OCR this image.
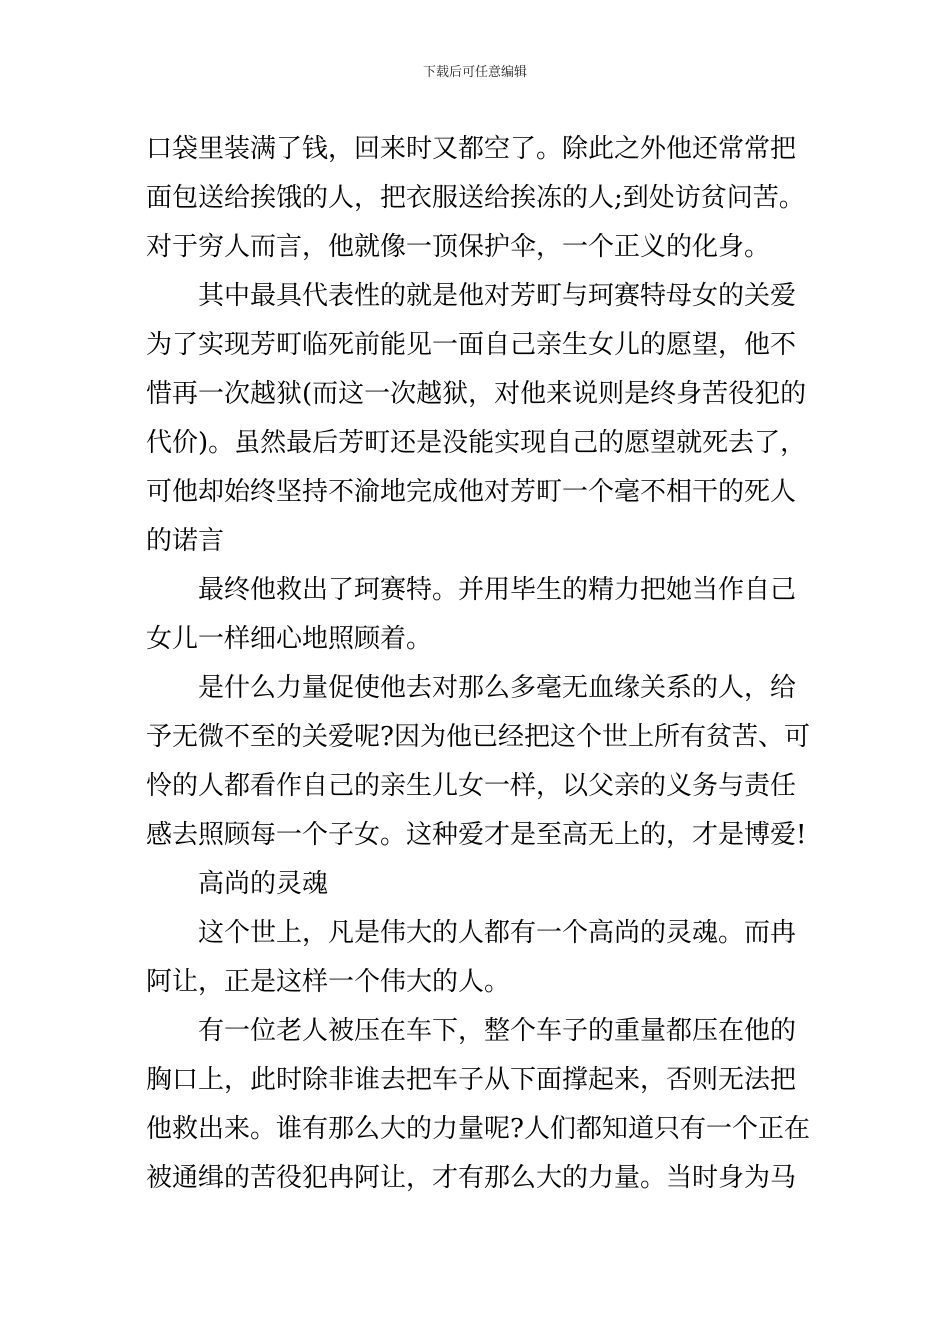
下载后可任意编辑
口袋里装满了钱，回来时又都空了。除此之外他还常常把
面包送给挨饿的人，把衣服送给挨冻的人;到处访贫问苦。
对于穷人而言，他就像一顶保护伞，一个正义的化身。
其中最具代表性的就是他对芳町与珂赛特母女的关爱
为了实现芳町临死前能见一面自己亲生女儿的愿望，他不
惜再一次越狱(而这一次越狱，对他来说则是终身苦役犯的
代价)。虽然最后芳町还是没能实现自己的愿望就死去了，
可他却始终坚持不渝地完成他对芳町一个毫不相干的死人
的诺言
最终他救出了珂赛特。并用毕生的精力把她当作自己
女儿一样细心地照顾着。
是什么力量促使他去对那么多毫无血缘关系的人，给
予无微不至的关爱呢?因为他已经把这个世上所有贫苦、可
怜的人都看作自己的亲生儿女一样，以父亲的义务与责任
感去照顾每一个子女。这种爱才是至高无上的，才是博爱!
高尚的灵魂
这个世上，凡是伟大的人都有一个高尚的灵魂。而冉
阿让，正是这样一个伟大的人。
有一位老人被压在车下，整个车子的重量都压在他的
胸口上，此时除非谁去把车子从下面撑起来，否则无法把
他救出来。谁有那么大的力量呢?人们都知道只有一个正在
被通缉的苦役犯冉阿让，才有那么大的力量。当时身为马
